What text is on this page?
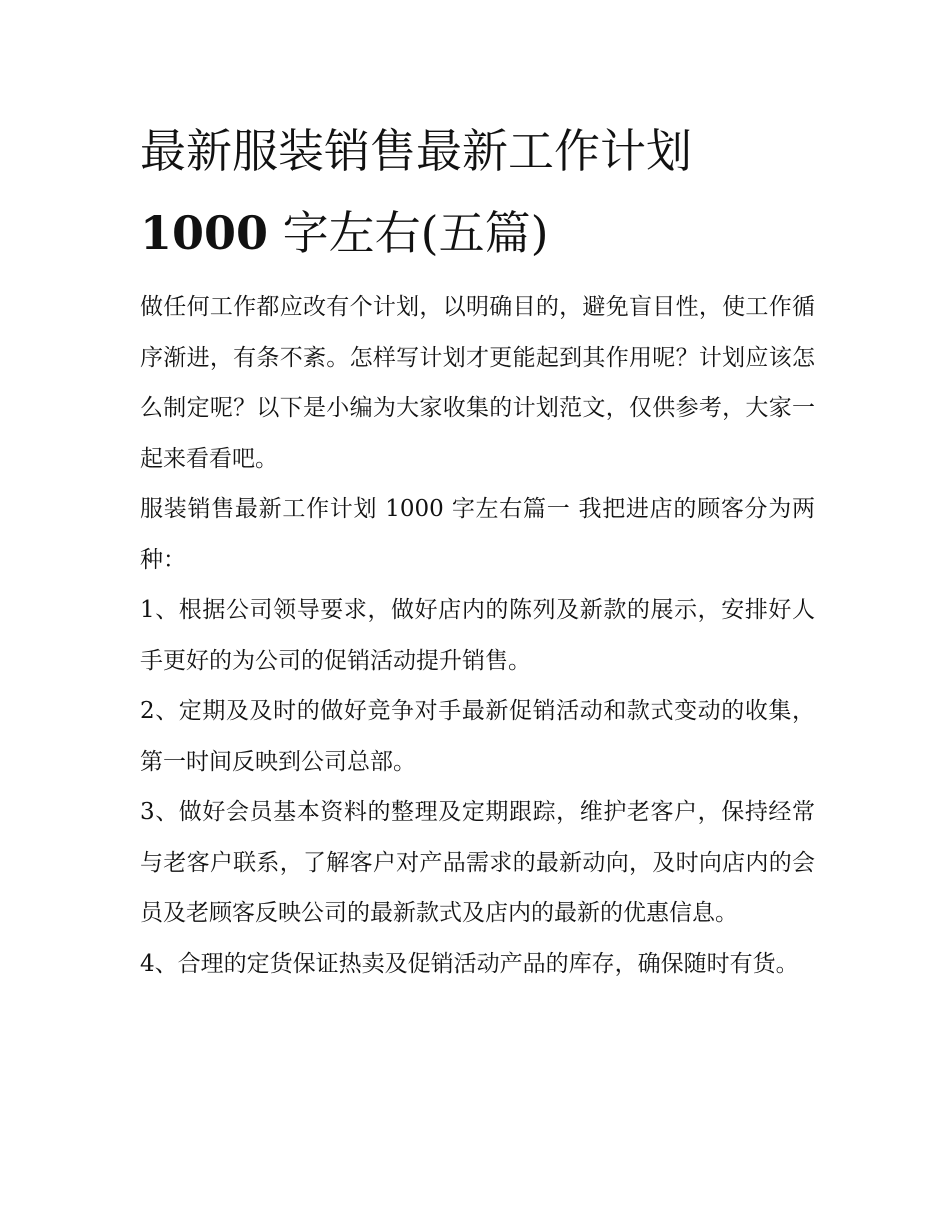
最新服装销售最新工作计划
1000 字左右(五篇)

做任何工作都应改有个计划，以明确目的，避免盲目性，使工作循序渐进，有条不紊。怎样写计划才更能起到其作用呢？计划应该怎么制定呢？以下是小编为大家收集的计划范文，仅供参考，大家一起来看看吧。

服装销售最新工作计划 1000 字左右篇一 我把进店的顾客分为两种：

1、根据公司领导要求，做好店内的陈列及新款的展示，安排好人手更好的为公司的促销活动提升销售。

2、定期及及时的做好竞争对手最新促销活动和款式变动的收集，第一时间反映到公司总部。

3、做好会员基本资料的整理及定期跟踪，维护老客户，保持经常与老客户联系，了解客户对产品需求的最新动向，及时向店内的会员及老顾客反映公司的最新款式及店内的最新的优惠信息。

4、合理的定货保证热卖及促销活动产品的库存，确保随时有货。
